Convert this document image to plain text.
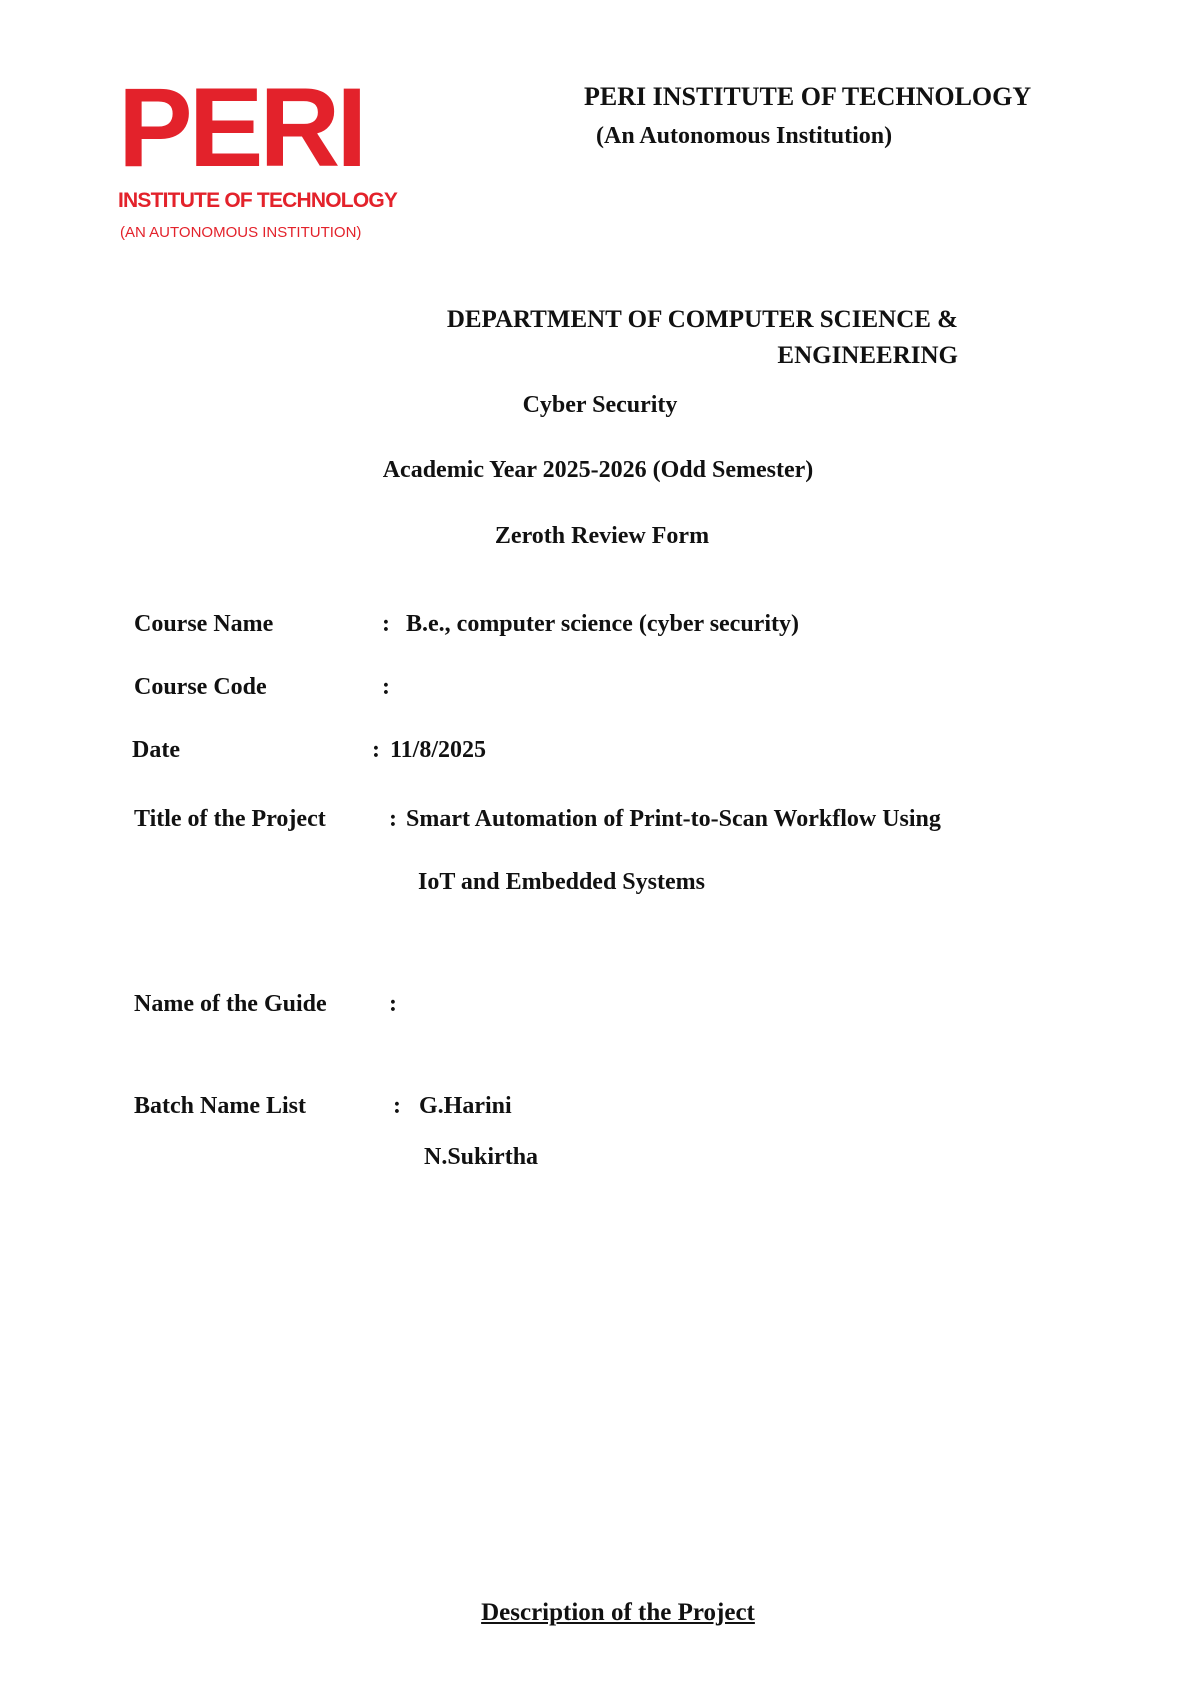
PERI
INSTITUTE OF TECHNOLOGY
(AN AUTONOMOUS INSTITUTION)
PERI INSTITUTE OF TECHNOLOGY
(An Autonomous Institution)
DEPARTMENT OF COMPUTER SCIENCE &
ENGINEERING
Cyber Security
Academic Year 2025-2026 (Odd Semester)
Zeroth Review Form
Course Name	: B.e., computer science (cyber security)
Course Code	:
Date	: 11/8/2025
Title of the Project	: Smart Automation of Print-to-Scan Workflow Using
IoT and Embedded Systems
Name of the Guide	:
Batch Name List	: G.Harini
N.Sukirtha
Description of the Project
